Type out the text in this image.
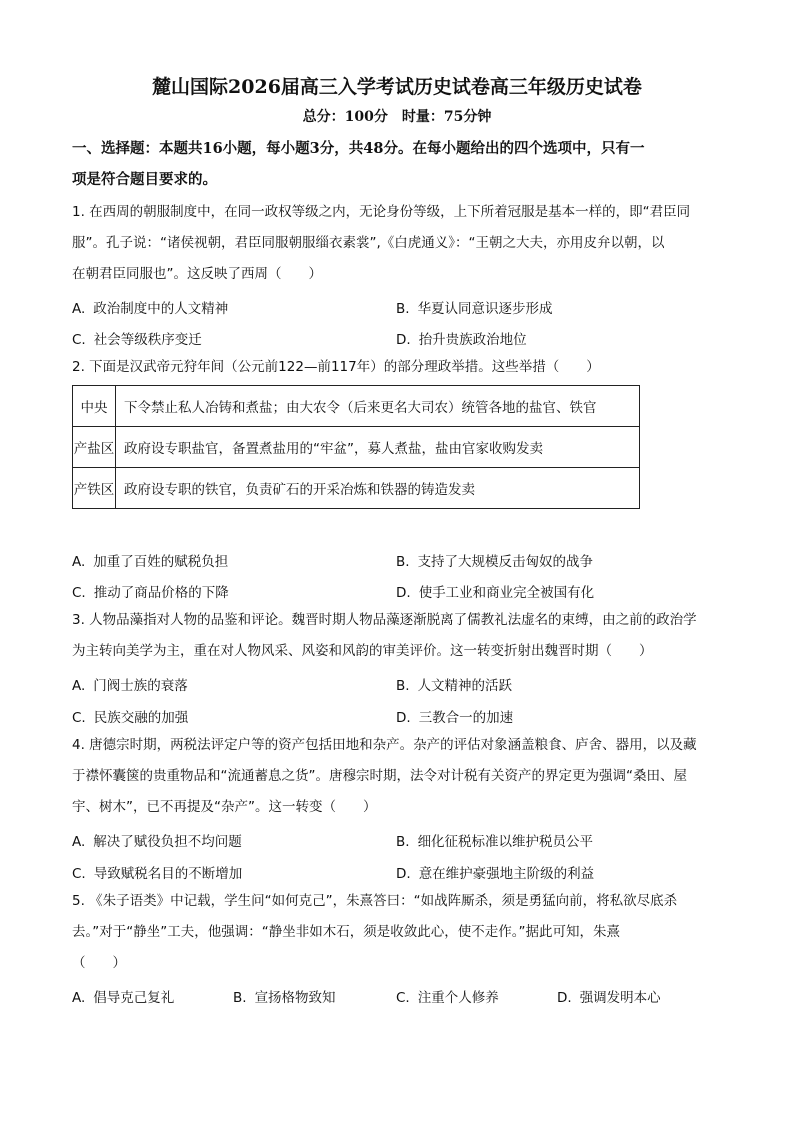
麓山国际2026届高三入学考试历史试卷高三年级历史试卷
总分：100分　时量：75分钟
一、选择题：本题共16小题，每小题3分，共48分。在每小题给出的四个选项中，只有一
项是符合题目要求的。
1. 在西周的朝服制度中，在同一政权等级之内，无论身份等级，上下所着冠服是基本一样的，即“君臣同
服”。孔子说：“诸侯视朝，君臣同服朝服缁衣素裳”,《白虎通义》：“王朝之大夫，亦用皮弁以朝，以
在朝君臣同服也”。这反映了西周（　　）
A. 政治制度中的人文精神	B. 华夏认同意识逐步形成
C. 社会等级秩序变迁	D. 抬升贵族政治地位
2. 下面是汉武帝元狩年间（公元前122—前117年）的部分理政举措。这些举措（　　）
中央	下令禁止私人冶铸和煮盐；由大农令（后来更名大司农）统管各地的盐官、铁官
产盐区	政府设专职盐官，备置煮盐用的“牢盆”，募人煮盐，盐由官家收购发卖
产铁区	政府设专职的铁官，负责矿石的开采冶炼和铁器的铸造发卖
A. 加重了百姓的赋税负担	B. 支持了大规模反击匈奴的战争
C. 推动了商品价格的下降	D. 使手工业和商业完全被国有化
3. 人物品藻指对人物的品鉴和评论。魏晋时期人物品藻逐渐脱离了儒教礼法虚名的束缚，由之前的政治学
为主转向美学为主，重在对人物风采、风姿和风韵的审美评价。这一转变折射出魏晋时期（　　）
A. 门阀士族的衰落	B. 人文精神的活跃
C. 民族交融的加强	D. 三教合一的加速
4. 唐德宗时期，两税法评定户等的资产包括田地和杂产。杂产的评估对象涵盖粮食、庐舍、器用，以及藏
于襟怀囊箧的贵重物品和“流通蓄息之货”。唐穆宗时期，法令对计税有关资产的界定更为强调“桑田、屋
宇、树木”，已不再提及“杂产”。这一转变（　　）
A. 解决了赋役负担不均问题	B. 细化征税标准以维护税员公平
C. 导致赋税名目的不断增加	D. 意在维护豪强地主阶级的利益
5. 《朱子语类》中记载，学生问“如何克己”，朱熹答曰：“如战阵厮杀，须是勇猛向前，将私欲尽底杀
去。”对于“静坐”工夫，他强调：“静坐非如木石，须是收敛此心，使不走作。”据此可知，朱熹
（　　）
A. 倡导克己复礼	B. 宣扬格物致知	C. 注重个人修养	D. 强调发明本心
